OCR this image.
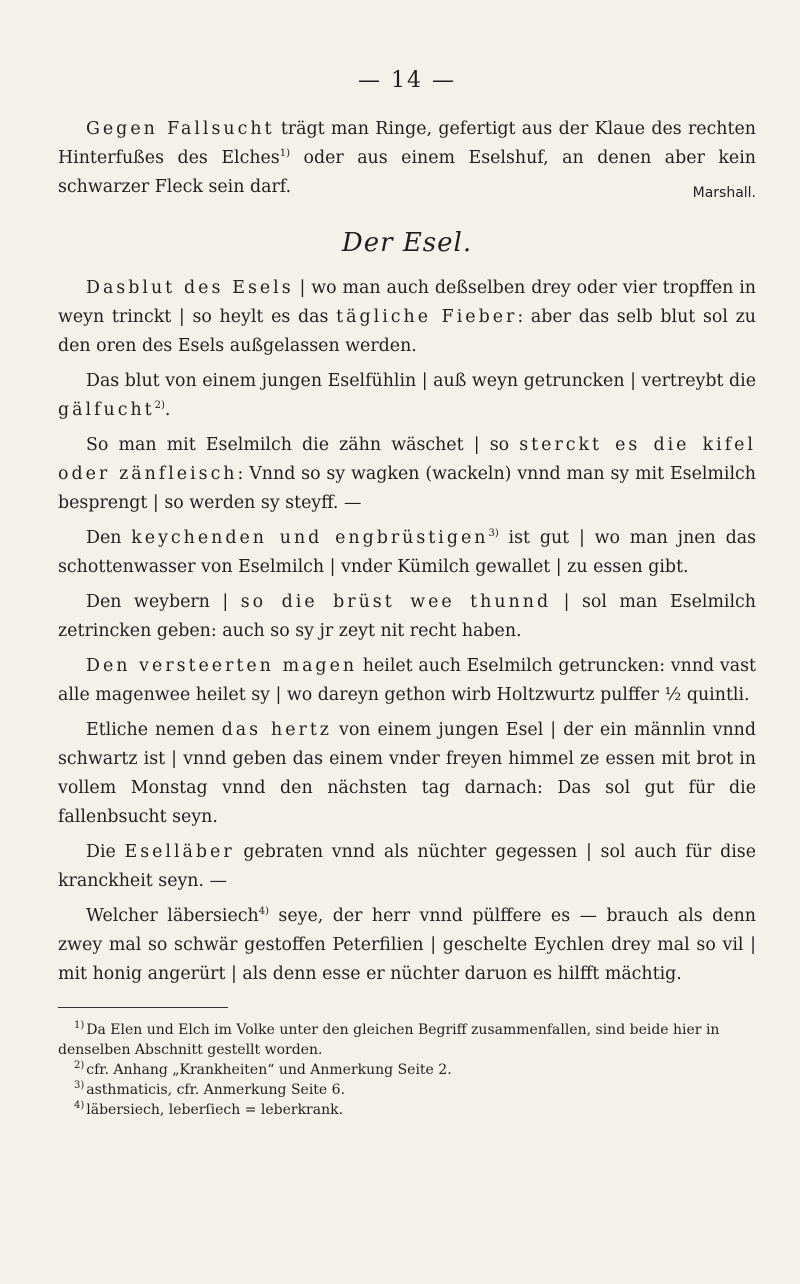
— 14 —

Gegen Fallsucht trägt man Ringe, gefertigt aus der Klaue des rechten Hinterfußes des Elches$^{1)}$ oder aus einem Eselshuf, an denen aber kein schwarzer Fleck sein darf.	Marshall.

Der Esel.

Dasblut des Esels | wo man auch deßselben drey oder vier tropffen in weyn trinckt | so heylt es das tägliche Fieber: aber das selb blut sol zu den oren des Esels außgelassen werden.

Das blut von einem jungen Eselfühlin | auß weyn getruncken | vertreybt die gälfucht$^{2)}$.

So man mit Eselmilch die zähn wäschet | so sterckt es die kifel oder zänfleisch: Vnnd so sy wagken (wackeln) vnnd man sy mit Eselmilch besprengt | so werden sy steyff. —

Den keychenden und engbrüstigen$^{3)}$ ist gut | wo man jnen das schottenwasser von Eselmilch | vnder Kümilch gewallet | zu essen gibt.

Den weybern | so die brüst wee thunnd | sol man Eselmilch zetrincken geben: auch so sy jr zeyt nit recht haben.

Den versteerten magen heilet auch Eselmilch getruncken: vnnd vast alle magenwee heilet sy | wo dareyn gethon wirb Holtzwurtz pulffer ½ quintli.

Etliche nemen das hertz von einem jungen Esel | der ein männlin vnnd schwartz ist | vnnd geben das einem vnder freyen himmel ze essen mit brot in vollem Monstag vnnd den nächsten tag darnach: Das sol gut für die fallenbsucht seyn.

Die Eselläber gebraten vnnd als nüchter gegessen | sol auch für dise kranckheit seyn. —

Welcher läbersiech$^{4)}$ seye, der herr vnnd pülffere es — brauch als denn zwey mal so schwär gestoffen Peterfilien | geschelte Eychlen drey mal so vil | mit honig angerürt | als denn esse er nüchter daruon es hilfft mächtig.

$^{1)}$ Da Elen und Elch im Volke unter den gleichen Begriff zusammenfallen, sind beide hier in denselben Abschnitt gestellt worden.

$^{2)}$ cfr. Anhang „Krankheiten“ und Anmerkung Seite 2.

$^{3)}$ asthmaticis, cfr. Anmerkung Seite 6.

$^{4)}$ läbersiech, leberſiech = leberkrank.
